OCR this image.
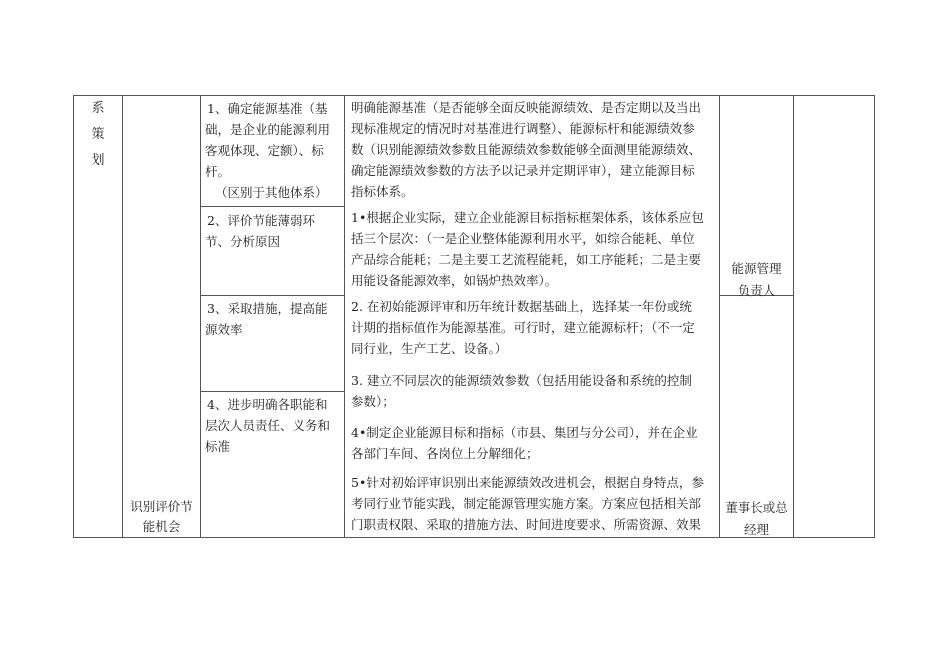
系
策
划
识别评价节
能机会
1、确定能源基准（基
础，是企业的能源利用
客观体现、定额）、标
杆。
（区别于其他体系）
2、评价节能薄弱环
节、分析原因
3、采取措施，提高能
源效率
4、进步明确各职能和
层次人员责任、义务和
标准
明确能源基准（是否能够全面反映能源绩效、是否定期以及当出
现标准规定的情况时对基准进行调整）、能源标杆和能源绩效参
数（识别能源绩效参数且能源绩效参数能够全面测里能源绩效、
确定能源绩效参数的方法予以记录并定期评审），建立能源目标
指标体系。
1•根据企业实际，建立企业能源目标指标框架体系，该体系应包
括三个层次：（一是企业整体能源利用水平，如综合能耗、单位
产品综合能耗；二是主要工艺流程能耗，如工序能耗；二是主要
用能设备能源效率，如锅炉热效率）。
2. 在初始能源评审和历年统计数据基础上，选择某一年份或统
计期的指标值作为能源基准。可行时，建立能源标杆；（不一定
同行业，生产工艺、设备。）
3. 建立不同层次的能源绩效参数（包括用能设备和系统的控制
参数）；
4•制定企业能源目标和指标（市县、集团与分公司），并在企业
各部门车间、各岗位上分解细化；
5•针对初始评审识别出来能源绩效改进机会，根据自身特点，参
考同行业节能实践，制定能源管理实施方案。方案应包括相关部
门职责权限、采取的措施方法、时间进度要求、所需资源、效果
能源管理
负责人
董事长或总
经理
